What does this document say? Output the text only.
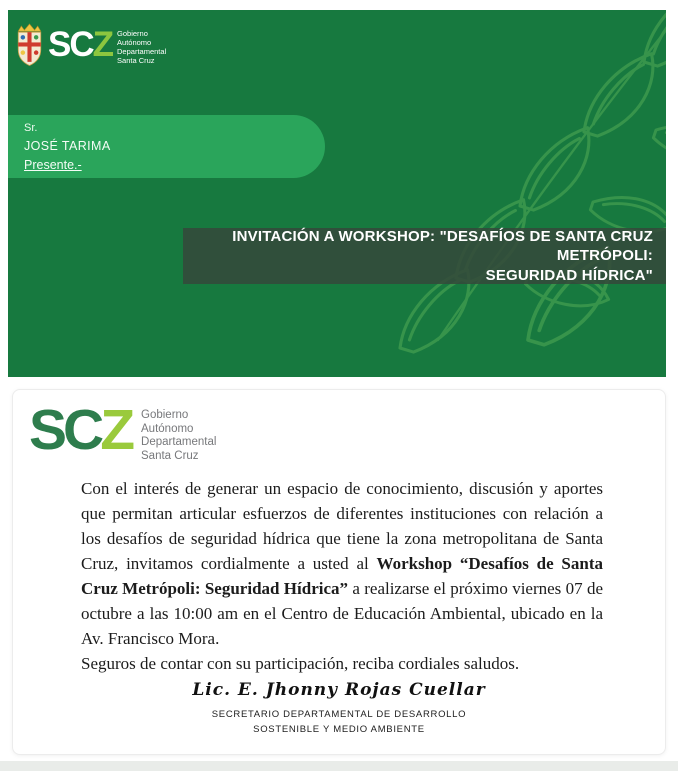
SCZ Gobierno
Autónomo
Departamental
Santa Cruz
Sr.
JOSÉ TARIMA
Presente.-
INVITACIÓN A WORKSHOP: "DESAFÍOS DE SANTA CRUZ METRÓPOLI:
SEGURIDAD HÍDRICA"
SCZ Gobierno
Autónomo
Departamental
Santa Cruz

Con el interés de generar un espacio de conocimiento, discusión y aportes que permitan articular esfuerzos de diferentes instituciones con relación a los desafíos de seguridad hídrica que tiene la zona metropolitana de Santa Cruz, invitamos cordialmente a usted al Workshop “Desafíos de Santa Cruz Metrópoli: Seguridad Hídrica” a realizarse el próximo viernes 07 de octubre a las 10:00 am en el Centro de Educación Ambiental, ubicado en la Av. Francisco Mora.

Seguros de contar con su participación, reciba cordiales saludos.

Lic. E. Jhonny Rojas Cuellar
SECRETARIO DEPARTAMENTAL DE DESARROLLO
SOSTENIBLE Y MEDIO AMBIENTE
